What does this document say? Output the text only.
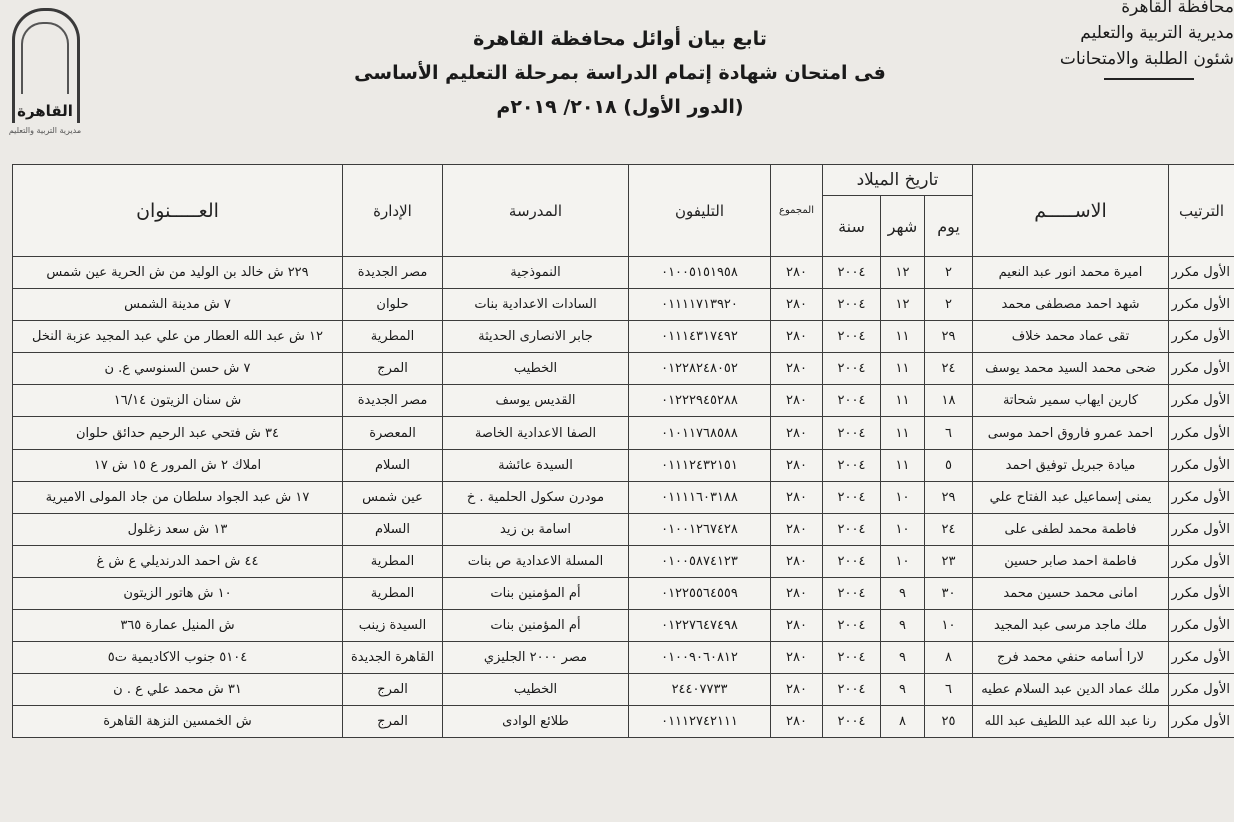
القاهرة
مديرية التربية والتعليم
تابع بيان أوائل محافظة القاهرة
فى امتحان شهادة إتمام الدراسة بمرحلة التعليم الأساسى
(الدور الأول) ٢٠١٨/ ٢٠١٩م
محافظة القاهرة
مديرية التربية والتعليم
شئون الطلبة والامتحانات
الترتيب	الاســـــم	تاريخ الميلاد			المجموع	التليفون	المدرسة	الإدارة	العـــــنوان
		يوم	شهر	سنة					
الأول مكرر	اميرة محمد انور عبد النعيم	٢	١٢	٢٠٠٤	٢٨٠	٠١٠٠٥١٥١٩٥٨	النموذجية	مصر الجديدة	٢٢٩ ش خالد بن الوليد من ش الحرية عين شمس
الأول مكرر	شهد احمد مصطفى محمد	٢	١٢	٢٠٠٤	٢٨٠	٠١١١١٧١٣٩٢٠	السادات الاعدادية بنات	حلوان	٧ ش مدينة الشمس
الأول مكرر	تقى عماد محمد خلاف	٢٩	١١	٢٠٠٤	٢٨٠	٠١١١٤٣١٧٤٩٢	جابر الانصارى الحديثة	المطرية	١٢ ش عبد الله العطار من علي عبد المجيد عزبة النخل
الأول مكرر	ضحى محمد السيد محمد يوسف	٢٤	١١	٢٠٠٤	٢٨٠	٠١٢٢٨٢٤٨٠٥٢	الخطيب	المرج	٧ ش حسن السنوسي ع. ن
الأول مكرر	كارين ايهاب سمير شحاتة	١٨	١١	٢٠٠٤	٢٨٠	٠١٢٢٢٩٤٥٢٨٨	القديس يوسف	مصر الجديدة	ش سنان الزيتون ١٦/١٤
الأول مكرر	احمد عمرو فاروق احمد موسى	٦	١١	٢٠٠٤	٢٨٠	٠١٠١١٧٦٨٥٨٨	الصفا الاعدادية الخاصة	المعصرة	٣٤ ش فتحي عبد الرحيم حدائق حلوان
الأول مكرر	ميادة جبريل توفيق احمد	٥	١١	٢٠٠٤	٢٨٠	٠١١١٢٤٣٢١٥١	السيدة عائشة	السلام	املاك ٢ ش المرور ع ١٥ ش ١٧
الأول مكرر	يمنى إسماعيل عبد الفتاح علي	٢٩	١٠	٢٠٠٤	٢٨٠	٠١١١١٦٠٣١٨٨	مودرن سكول الحلمية . خ	عين شمس	١٧ ش عبد الجواد سلطان من جاد المولى الاميرية
الأول مكرر	فاطمة محمد لطفى على	٢٤	١٠	٢٠٠٤	٢٨٠	٠١٠٠١٢٦٧٤٢٨	اسامة بن زيد	السلام	١٣ ش سعد زغلول
الأول مكرر	فاطمة احمد صابر حسين	٢٣	١٠	٢٠٠٤	٢٨٠	٠١٠٠٥٨٧٤١٢٣	المسلة الاعدادية ص بنات	المطرية	٤٤ ش احمد الدرنديلي ع ش غ
الأول مكرر	امانى محمد حسين محمد	٣٠	٩	٢٠٠٤	٢٨٠	٠١٢٢٥٥٦٤٥٥٩	أم المؤمنين بنات	المطرية	١٠ ش هاتور الزيتون
الأول مكرر	ملك ماجد مرسى عبد المجيد	١٠	٩	٢٠٠٤	٢٨٠	٠١٢٢٧٦٤٧٤٩٨	أم المؤمنين بنات	السيدة زينب	ش المنيل عمارة ٣٦٥
الأول مكرر	لارا أسامه حنفي محمد فرج	٨	٩	٢٠٠٤	٢٨٠	٠١٠٠٩٠٦٠٨١٢	مصر ٢٠٠٠ الجليزي	القاهرة الجديدة	٥١٠٤ جنوب الاكاديمية ت٥
الأول مكرر	ملك عماد الدين عبد السلام عطيه	٦	٩	٢٠٠٤	٢٨٠	٢٤٤٠٧٧٣٣	الخطيب	المرج	٣١ ش محمد علي ع . ن
الأول مكرر	رنا عبد الله عبد اللطيف عبد الله	٢٥	٨	٢٠٠٤	٢٨٠	٠١١١٢٧٤٢١١١	طلائع الوادى	المرج	ش الخمسين النزهة القاهرة
